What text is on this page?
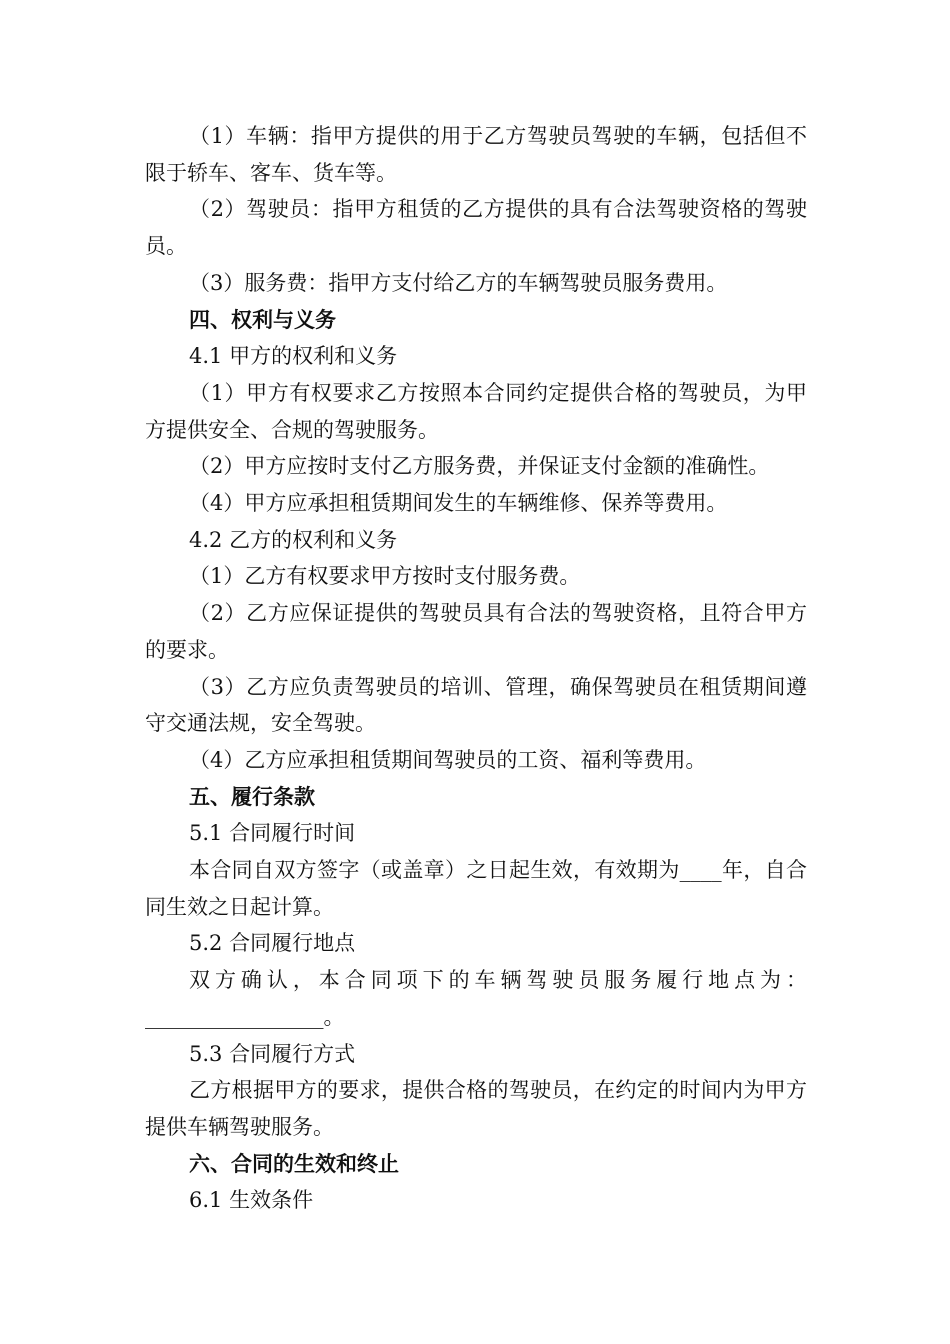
（1）车辆：指甲方提供的用于乙方驾驶员驾驶的车辆，包括但不限于轿车、客车、货车等。

（2）驾驶员：指甲方租赁的乙方提供的具有合法驾驶资格的驾驶员。

（3）服务费：指甲方支付给乙方的车辆驾驶员服务费用。

四、权利与义务

4.1 甲方的权利和义务

（1）甲方有权要求乙方按照本合同约定提供合格的驾驶员，为甲方提供安全、合规的驾驶服务。

（2）甲方应按时支付乙方服务费，并保证支付金额的准确性。

（4）甲方应承担租赁期间发生的车辆维修、保养等费用。

4.2 乙方的权利和义务

（1）乙方有权要求甲方按时支付服务费。

（2）乙方应保证提供的驾驶员具有合法的驾驶资格，且符合甲方的要求。

（3）乙方应负责驾驶员的培训、管理，确保驾驶员在租赁期间遵守交通法规，安全驾驶。

（4）乙方应承担租赁期间驾驶员的工资、福利等费用。

五、履行条款

5.1 合同履行时间

本合同自双方签字（或盖章）之日起生效，有效期为____年，自合同生效之日起计算。

5.2 合同履行地点

双方确认，本合同项下的车辆驾驶员服务履行地点为：_________________。

5.3 合同履行方式

乙方根据甲方的要求，提供合格的驾驶员，在约定的时间内为甲方提供车辆驾驶服务。

六、合同的生效和终止

6.1 生效条件
